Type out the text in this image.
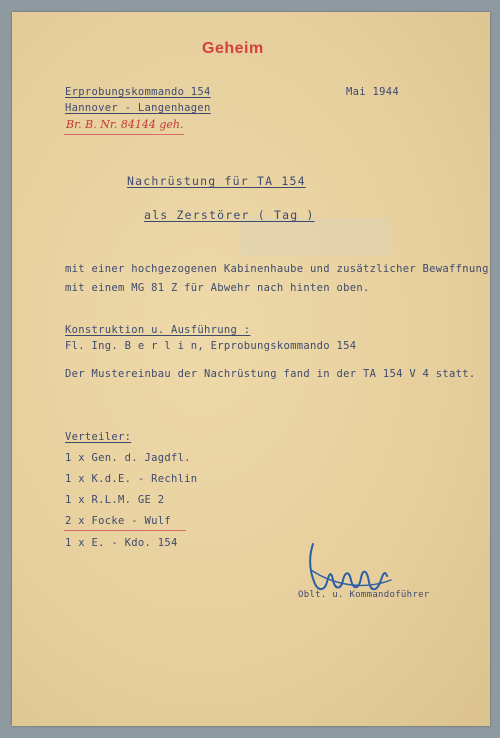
Geheim
Erprobungskommando 154
Hannover - Langenhagen
Mai 1944
Br. B. Nr. 84144 geh.
Nachrüstung für TA 154
als Zerstörer ( Tag )
mit einer hochgezogenen Kabinenhaube und zusätzlicher Bewaffnung
mit einem MG 81 Z für Abwehr nach hinten oben.
Konstruktion u. Ausführung :
Fl. Ing. B e r l i n, Erprobungskommando 154
Der Mustereinbau der Nachrüstung fand in der TA 154 V 4 statt.
Verteiler:
1 x Gen. d. Jagdfl.
1 x K.d.E. - Rechlin
1 x R.L.M. GE 2
2 x Focke - Wulf
1 x E. - Kdo. 154
Oblt. u. Kommandoführer
